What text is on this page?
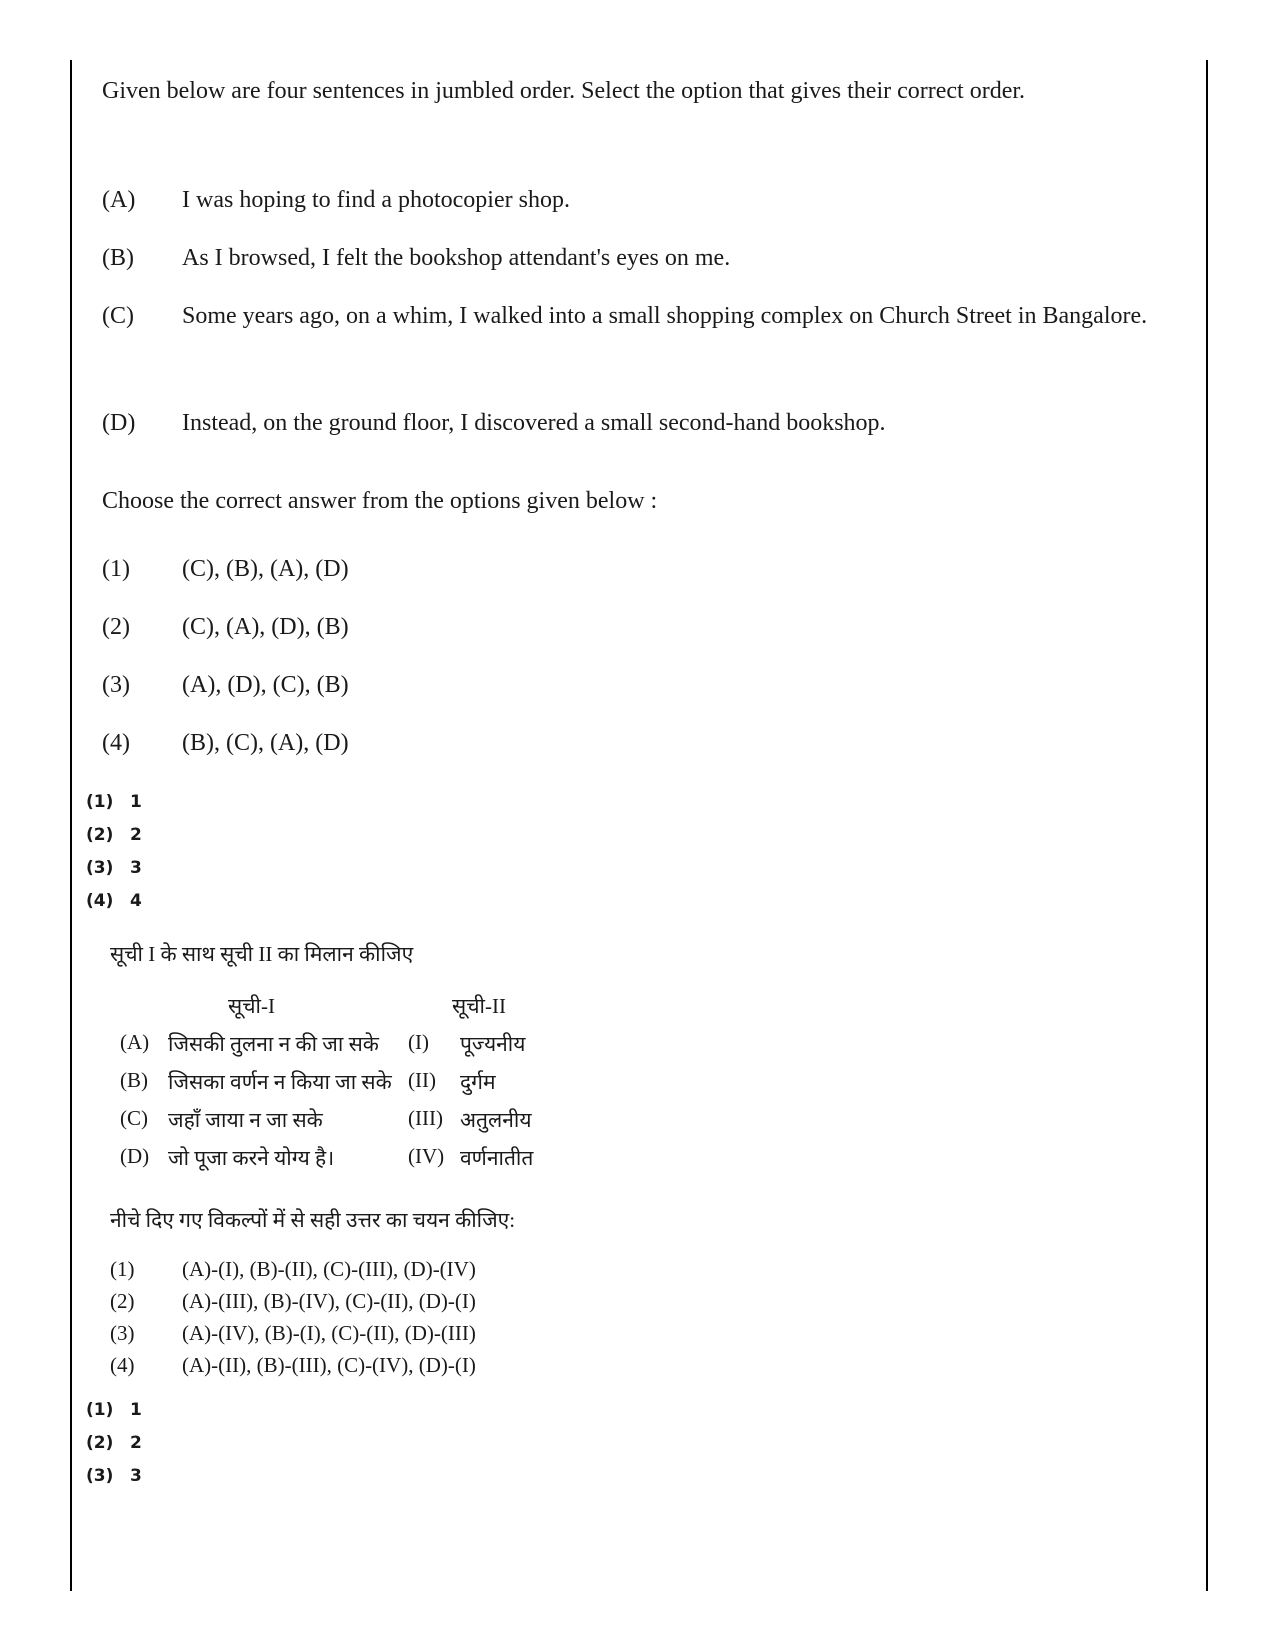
Given below are four sentences in jumbled order. Select the option that gives their correct order.
(A)	I was hoping to find a photocopier shop.
(B)	As I browsed, I felt the bookshop attendant's eyes on me.
(C)	Some years ago, on a whim, I walked into a small shopping complex on Church Street in Bangalore.
(D)	Instead, on the ground floor, I discovered a small second-hand bookshop.
Choose the correct answer from the options given below :
(1) (C), (B), (A), (D)
(2) (C), (A), (D), (B)
(3) (A), (D), (C), (B)
(4) (B), (C), (A), (D)
(1) 1
(2) 2
(3) 3
(4) 4
सूची I के साथ सूची II का मिलान कीजिए
सूची-I	सूची-II
(A) जिसकी तुलना न की जा सके (I) पूज्यनीय
(B) जिसका वर्णन न किया जा सके (II) दुर्गम
(C) जहाँ जाया न जा सके	(III) अतुलनीय
(D) जो पूजा करने योग्य है।	(IV) वर्णनातीत
नीचे दिए गए विकल्पों में से सही उत्तर का चयन कीजिए:
(1) (A)-(I), (B)-(II), (C)-(III), (D)-(IV)
(2) (A)-(III), (B)-(IV), (C)-(II), (D)-(I)
(3) (A)-(IV), (B)-(I), (C)-(II), (D)-(III)
(4) (A)-(II), (B)-(III), (C)-(IV), (D)-(I)
(1) 1
(2) 2
(3) 3
